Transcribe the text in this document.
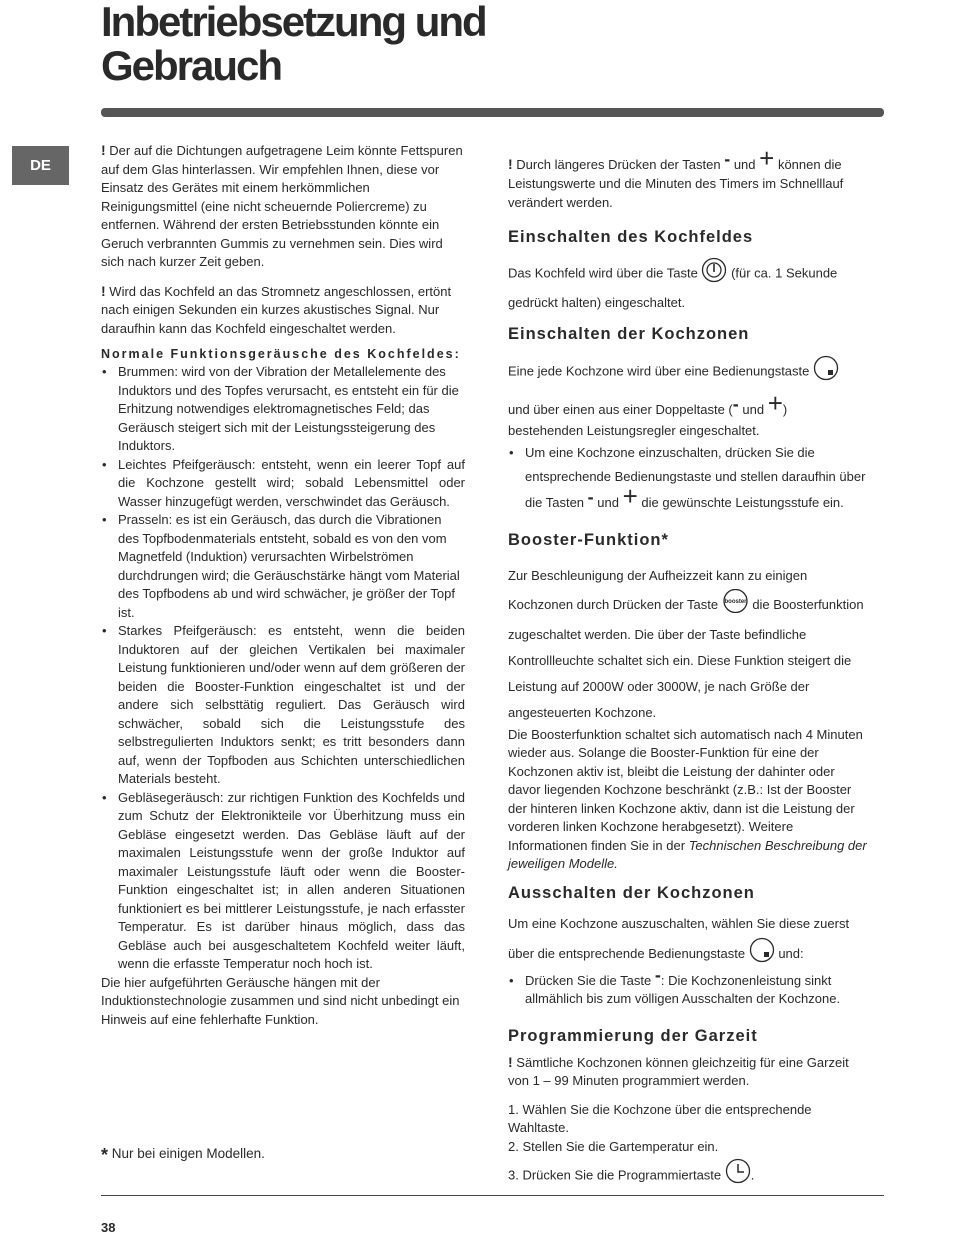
Inbetriebsetzung und
Gebrauch
DE

! Der auf die Dichtungen aufgetragene Leim könnte Fettspuren auf dem Glas hinterlassen. Wir empfehlen Ihnen, diese vor Einsatz des Gerätes mit einem herkömmlichen Reinigungsmittel (eine nicht scheuernde Poliercreme) zu entfernen. Während der ersten Betriebsstunden könnte ein Geruch verbrannten Gummis zu vernehmen sein. Dies wird sich nach kurzer Zeit geben.

! Wird das Kochfeld an das Stromnetz angeschlossen, ertönt nach einigen Sekunden ein kurzes akustisches Signal. Nur daraufhin kann das Kochfeld eingeschaltet werden.

Normale Funktionsgeräusche des Kochfeldes:

• Brummen: wird von der Vibration der Metallelemente des Induktors und des Topfes verursacht, es entsteht ein für die Erhitzung notwendiges elektromagnetisches Feld; das Geräusch steigert sich mit der Leistungssteigerung des Induktors.
• Leichtes Pfeifgeräusch: entsteht, wenn ein leerer Topf auf die Kochzone gestellt wird; sobald Lebensmittel oder Wasser hinzugefügt werden, verschwindet das Geräusch.
• Prasseln: es ist ein Geräusch, das durch die Vibrationen des Topfbodenmaterials entsteht, sobald es von den vom Magnetfeld (Induktion) verursachten Wirbelströmen durchdrungen wird; die Geräuschstärke hängt vom Material des Topfbodens ab und wird schwächer, je größer der Topf ist.
• Starkes Pfeifgeräusch: es entsteht, wenn die beiden Induktoren auf der gleichen Vertikalen bei maximaler Leistung funktionieren und/oder wenn auf dem größeren der beiden die Booster-Funktion eingeschaltet ist und der andere sich selbsttätig reguliert. Das Geräusch wird schwächer, sobald sich die Leistungsstufe des selbstregulierten Induktors senkt; es tritt besonders dann auf, wenn der Topfboden aus Schichten unterschiedlichen Materials besteht.
• Gebläsegeräusch: zur richtigen Funktion des Kochfelds und zum Schutz der Elektronikteile vor Überhitzung muss ein Gebläse eingesetzt werden. Das Gebläse läuft auf der maximalen Leistungsstufe wenn der große Induktor auf maximaler Leistungsstufe läuft oder wenn die Booster-Funktion eingeschaltet ist; in allen anderen Situationen funktioniert es bei mittlerer Leistungsstufe, je nach erfasster Temperatur. Es ist darüber hinaus möglich, dass das Gebläse auch bei ausgeschaltetem Kochfeld weiter läuft, wenn die erfasste Temperatur noch hoch ist.

Die hier aufgeführten Geräusche hängen mit der Induktionstechnologie zusammen und sind nicht unbedingt ein Hinweis auf eine fehlerhafte Funktion.

! Durch längeres Drücken der Tasten - und + können die Leistungswerte und die Minuten des Timers im Schnelllauf verändert werden.

Einschalten des Kochfeldes

Das Kochfeld wird über die Taste	(für ca. 1 Sekunde gedrückt halten) eingeschaltet.

Einschalten der Kochzonen

Eine jede Kochzone wird über eine Bedienungstaste

und über einen aus einer Doppeltaste (- und +)

bestehenden Leistungsregler eingeschaltet.

• Um eine Kochzone einzuschalten, drücken Sie die entsprechende Bedienungstaste und stellen daraufhin über die Tasten - und + die gewünschte Leistungsstufe ein.

Booster-Funktion*

Zur Beschleunigung der Aufheizzeit kann zu einigen Kochzonen durch Drücken der Taste booster die Boosterfunktion zugeschaltet werden. Die über der Taste befindliche Kontrollleuchte schaltet sich ein. Diese Funktion steigert die Leistung auf 2000W oder 3000W, je nach Größe der angesteuerten Kochzone.

Die Boosterfunktion schaltet sich automatisch nach 4 Minuten wieder aus. Solange die Booster-Funktion für eine der Kochzonen aktiv ist, bleibt die Leistung der dahinter oder davor liegenden Kochzone beschränkt (z.B.: Ist der Booster der hinteren linken Kochzone aktiv, dann ist die Leistung der vorderen linken Kochzone herabgesetzt). Weitere Informationen finden Sie in der Technischen Beschreibung der jeweiligen Modelle.

Ausschalten der Kochzonen

Um eine Kochzone auszuschalten, wählen Sie diese zuerst über die entsprechende Bedienungstaste	und:

• Drücken Sie die Taste -: Die Kochzonenleistung sinkt allmählich bis zum völligen Ausschalten der Kochzone.

Programmierung der Garzeit

! Sämtliche Kochzonen können gleichzeitig für eine Garzeit von 1 – 99 Minuten programmiert werden.

1. Wählen Sie die Kochzone über die entsprechende Wahltaste.

2. Stellen Sie die Gartemperatur ein.

3. Drücken Sie die Programmiertaste .

* Nur bei einigen Modellen.
38
